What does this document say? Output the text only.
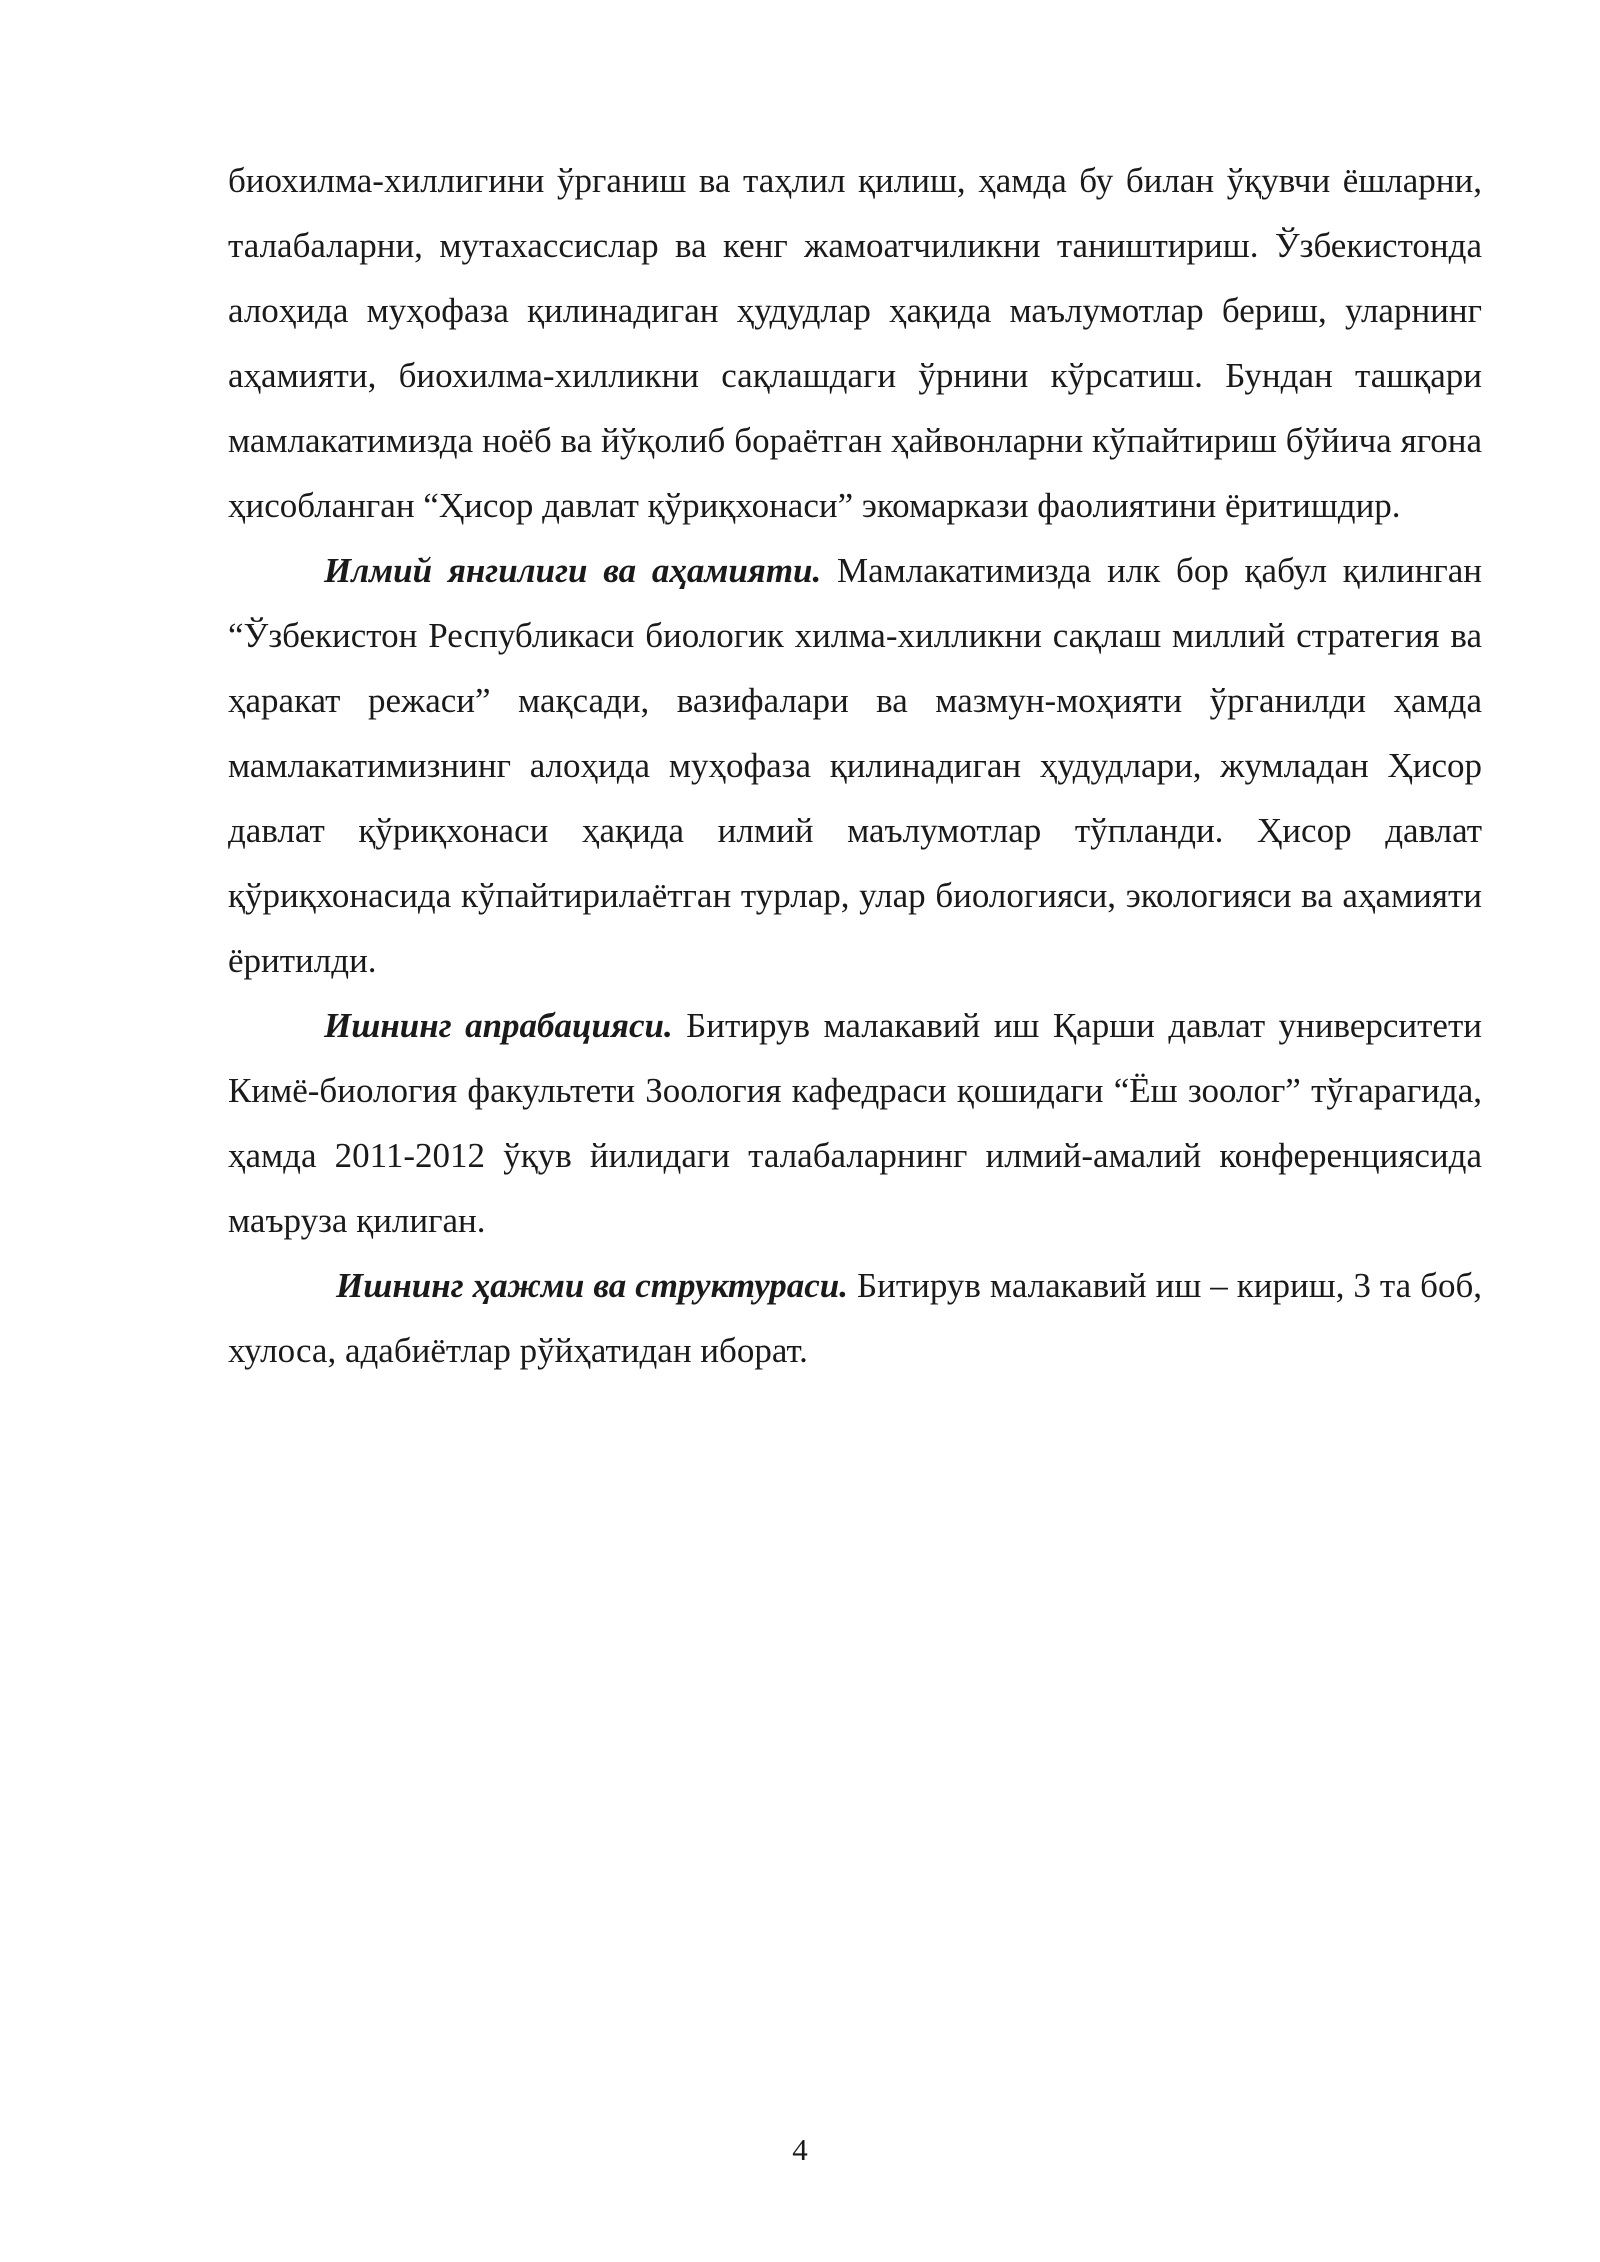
биохилма-хиллигини ўрганиш ва таҳлил қилиш, ҳамда бу билан ўқувчи ёшларни, талабаларни, мутахассислар ва кенг жамоатчиликни таништириш. Ўзбекистонда алоҳида муҳофаза қилинадиган ҳудудлар ҳақида маълумотлар бериш, уларнинг аҳамияти, биохилма-хилликни сақлашдаги ўрнини кўрсатиш. Бундан ташқари мамлакатимизда ноёб ва йўқолиб бораётган ҳайвонларни кўпайтириш бўйича ягона ҳисобланган “Ҳисор давлат қўриқхонаси” экомаркази фаолиятини ёритишдир.

Илмий янгилиги ва аҳамияти. Мамлакатимизда илк бор қабул қилинган “Ўзбекистон Республикаси биологик хилма-хилликни сақлаш миллий стратегия ва ҳаракат режаси” мақсади, вазифалари ва мазмун-моҳияти ўрганилди ҳамда мамлакатимизнинг алоҳида муҳофаза қилинадиган ҳудудлари, жумладан Ҳисор давлат қўриқхонаси ҳақида илмий маълумотлар тўпланди. Ҳисор давлат қўриқхонасида кўпайтирилаётган турлар, улар биологияси, экологияси ва аҳамияти ёритилди.

Ишнинг апрабацияси. Битирув малакавий иш Қарши давлат университети Кимё-биология факультети Зоология кафедраси қошидаги “Ёш зоолог” тўгарагида, ҳамда 2011-2012 ўқув йилидаги талабаларнинг илмий-амалий конференциясида маъруза қилиган.

Ишнинг ҳажми ва структураси. Битирув малакавий иш – кириш, 3 та боб, хулоса, адабиётлар рўйҳатидан иборат.

4
